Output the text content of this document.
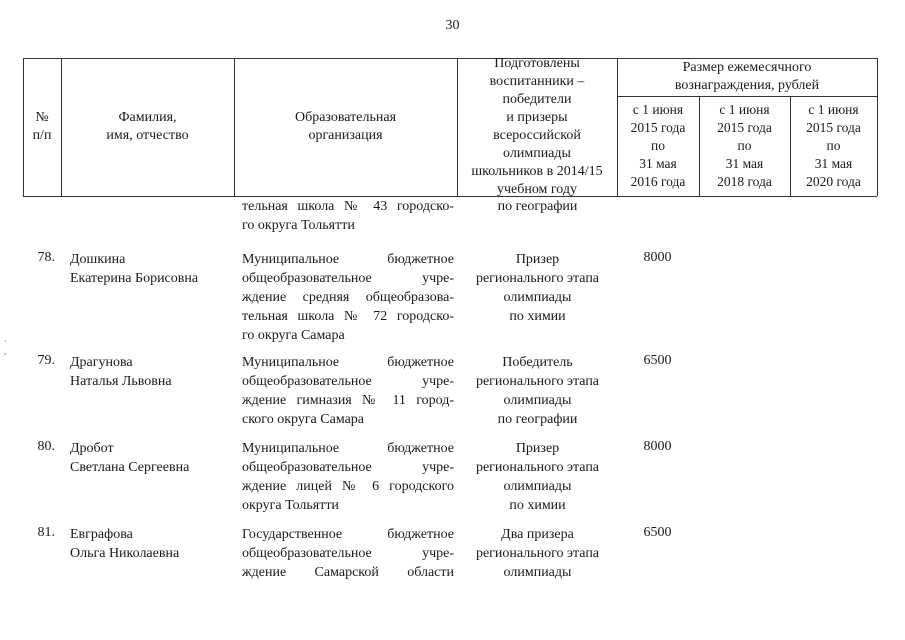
30
№
п/п
Фамилия,
имя, отчество
Образовательная
организация
Подготовлены
воспитанники –
победители
и призеры
всероссийской
олимпиады
школьников в 2014/15
учебном году
Размер ежемесячного
вознаграждения, рублей
с 1 июня
2015 года
по
31 мая
2016 года
с 1 июня
2015 года
по
31 мая
2018 года
с 1 июня
2015 года
по
31 мая
2020 года
тельная школа № 43 городско-
го округа Тольятти
по географии
78. Дошкина
Екатерина Борисовна
Муниципальное бюджетное
общеобразовательное учре-
ждение средняя общеобразова-
тельная школа № 72 городско-
го округа Самара
Призер
регионального этапа
олимпиады
по химии
8000
79. Драгунова
Наталья Львовна
Муниципальное бюджетное
общеобразовательное учре-
ждение гимназия № 11 город-
ского округа Самара
Победитель
регионального этапа
олимпиады
по географии
6500
80. Дробот
Светлана Сергеевна
Муниципальное бюджетное
общеобразовательное учре-
ждение лицей № 6 городского
округа Тольятти
Призер
регионального этапа
олимпиады
по химии
8000
81. Евграфова
Ольга Николаевна
Государственное бюджетное
общеобразовательное учре-
ждение Самарской области
Два призера
регионального этапа
олимпиады
6500
·
,
